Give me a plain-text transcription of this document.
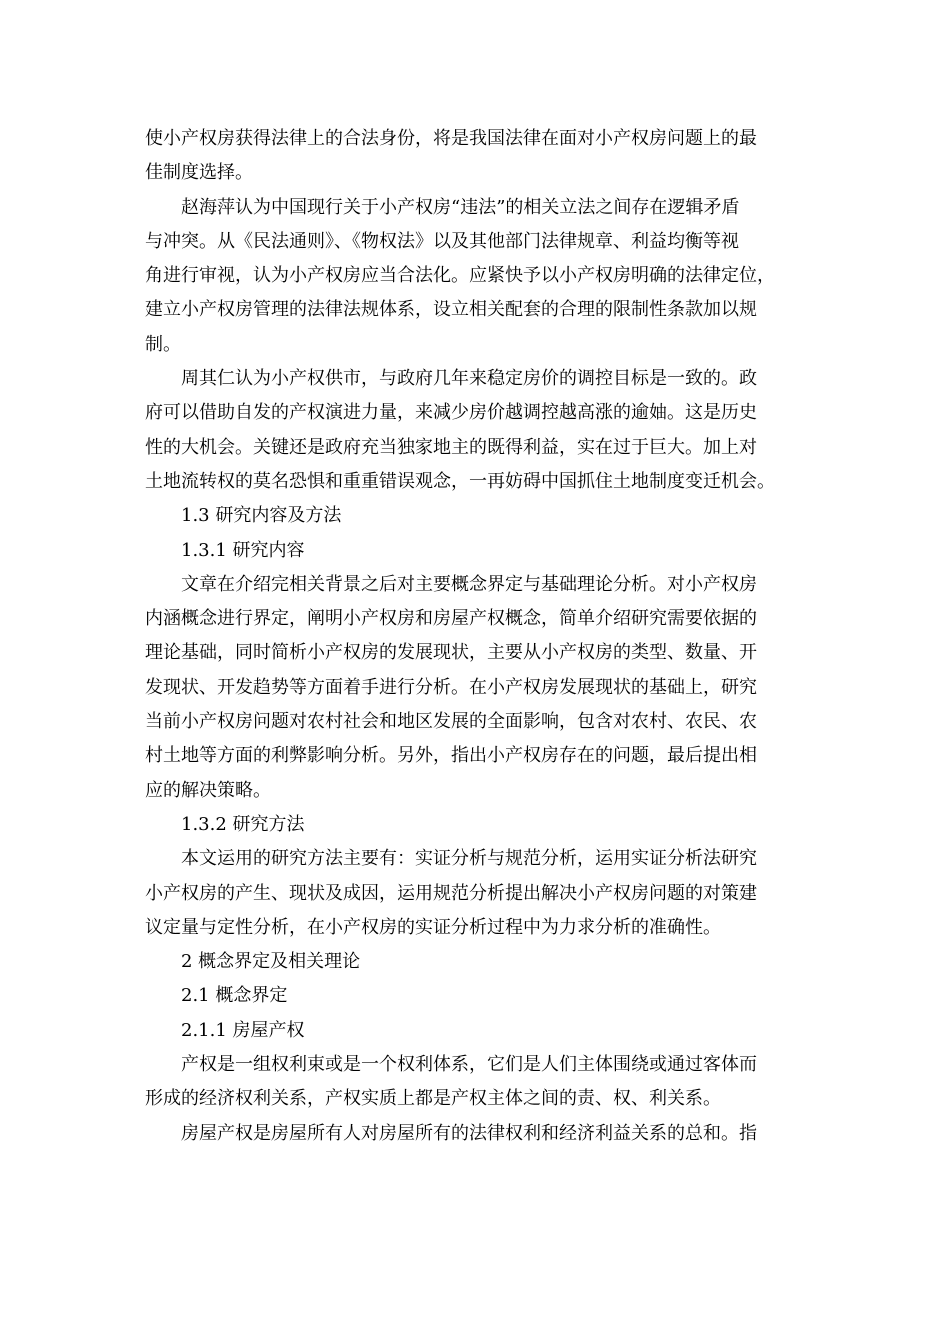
使小产权房获得法律上的合法身份，将是我国法律在面对小产权房问题上的最
佳制度选择。

赵海萍认为中国现行关于小产权房“违法”的相关立法之间存在逻辑矛盾
与冲突。从《民法通则》、《物权法》以及其他部门法律规章、利益均衡等视
角进行审视，认为小产权房应当合法化。应紧快予以小产权房明确的法律定位，
建立小产权房管理的法律法规体系，设立相关配套的合理的限制性条款加以规
制。

周其仁认为小产权供市，与政府几年来稳定房价的调控目标是一致的。政
府可以借助自发的产权演进力量，来减少房价越调控越高涨的逾妯。这是历史
性的大机会。关键还是政府充当独家地主的既得利益，实在过于巨大。加上对
土地流转权的莫名恐惧和重重错误观念，一再妨碍中国抓住土地制度变迁机会。

1.3 研究内容及方法

1.3.1 研究内容

文章在介绍完相关背景之后对主要概念界定与基础理论分析。对小产权房
内涵概念进行界定，阐明小产权房和房屋产权概念，简单介绍研究需要依据的
理论基础，同时简析小产权房的发展现状，主要从小产权房的类型、数量、开
发现状、开发趋势等方面着手进行分析。在小产权房发展现状的基础上，研究
当前小产权房问题对农村社会和地区发展的全面影响，包含对农村、农民、农
村土地等方面的利弊影响分析。另外，指出小产权房存在的问题，最后提出相
应的解决策略。

1.3.2 研究方法

本文运用的研究方法主要有：实证分析与规范分析，运用实证分析法研究
小产权房的产生、现状及成因，运用规范分析提出解决小产权房问题的对策建
议定量与定性分析，在小产权房的实证分析过程中为力求分析的准确性。

2 概念界定及相关理论

2.1 概念界定

2.1.1 房屋产权

产权是一组权利束或是一个权利体系，它们是人们主体围绕或通过客体而
形成的经济权利关系，产权实质上都是产权主体之间的责、权、利关系。

房屋产权是房屋所有人对房屋所有的法律权利和经济利益关系的总和。指
